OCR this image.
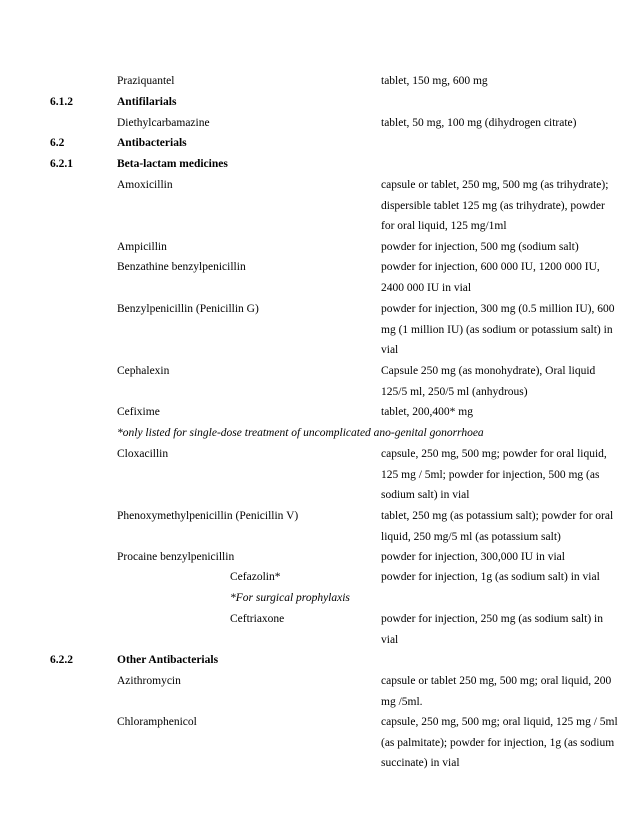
Praziquantel	tablet, 150 mg, 600 mg
6.1.2	Antifilarials
Diethylcarbamazine	tablet, 50 mg, 100 mg (dihydrogen citrate)
6.2	Antibacterials
6.2.1	Beta-lactam medicines
Amoxicillin	capsule or tablet, 250 mg, 500 mg (as trihydrate); dispersible tablet 125 mg (as trihydrate), powder for oral liquid, 125 mg/1ml
Ampicillin	powder for injection, 500 mg (sodium salt)
Benzathine benzylpenicillin	powder for injection, 600 000 IU, 1200 000 IU, 2400 000 IU in vial
Benzylpenicillin (Penicillin G)	powder for injection, 300 mg (0.5 million IU), 600 mg (1 million IU) (as sodium or potassium salt) in vial
Cephalexin	Capsule 250 mg (as monohydrate), Oral liquid 125/5 ml, 250/5 ml (anhydrous)
Cefixime	tablet, 200,400* mg
*only listed for single-dose treatment of uncomplicated ano-genital gonorrhoea
Cloxacillin	capsule, 250 mg, 500 mg; powder for oral liquid, 125 mg / 5ml; powder for injection, 500 mg (as sodium salt) in vial
Phenoxymethylpenicillin (Penicillin V)	tablet, 250 mg (as potassium salt); powder for oral liquid, 250 mg/5 ml (as potassium salt)
Procaine benzylpenicillin	powder for injection, 300,000 IU in vial
Cefazolin*	powder for injection, 1g (as sodium salt) in vial
*For surgical prophylaxis
Ceftriaxone	powder for injection, 250 mg (as sodium salt) in vial
6.2.2	Other Antibacterials
Azithromycin	capsule or tablet 250 mg, 500 mg; oral liquid, 200 mg /5ml.
Chloramphenicol	capsule, 250 mg, 500 mg; oral liquid, 125 mg / 5ml (as palmitate); powder for injection, 1g (as sodium succinate) in vial
